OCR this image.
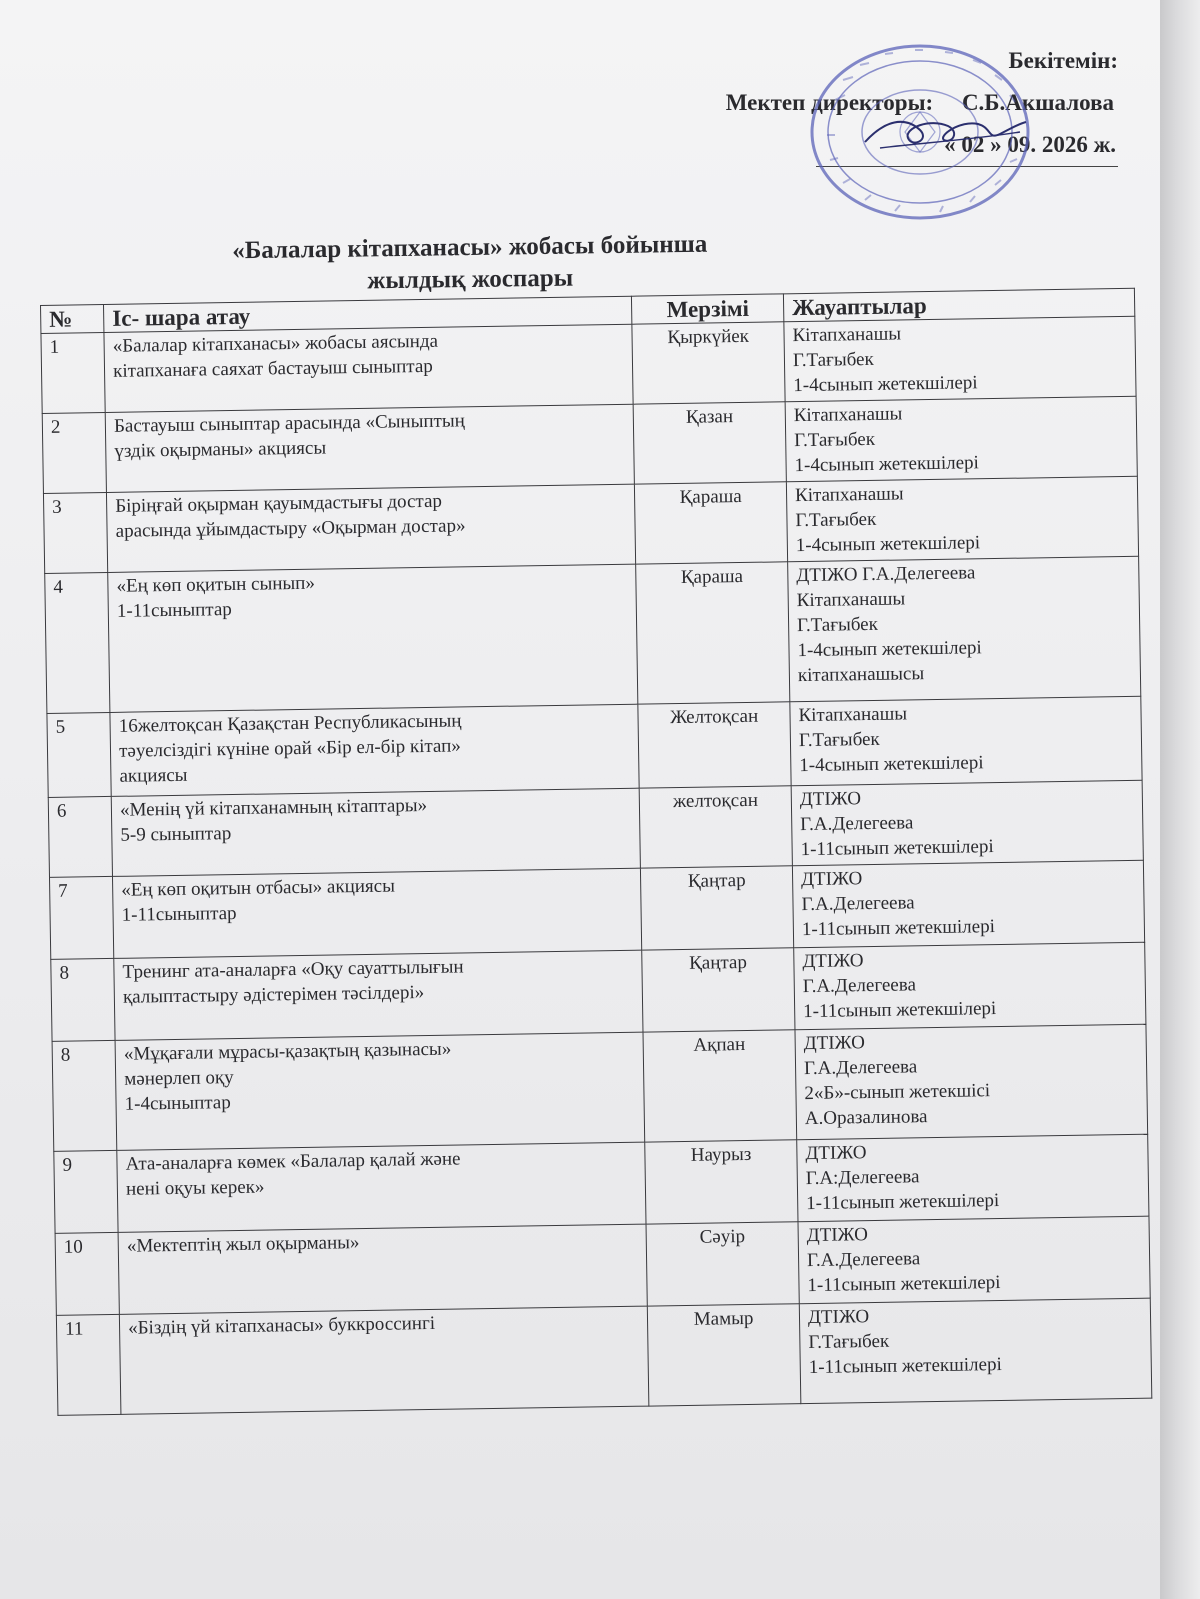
Бекітемін:
Мектеп директоры: С.Б.Акшалова
« 02 » 09. 2026 ж.
«Балалар кітапханасы» жобасы бойынша
жылдық жоспары
№	Іс- шара атау	Мерзімі	Жауаптылар
1	«Балалар кітапханасы» жобасы аясында
кітапханаға саяхат бастауыш сыныптар	Қыркүйек	Кітапханашы
Г.Тағыбек
1-4сынып жетекшілері
2	Бастауыш сыныптар арасында «Сыныптың
үздік оқырманы» акциясы	Қазан	Кітапханашы
Г.Тағыбек
1-4сынып жетекшілері
3	Біріңғай оқырман қауымдастығы достар
арасында ұйымдастыру «Оқырман достар»	Қараша	Кітапханашы
Г.Тағыбек
1-4сынып жетекшілері
4	«Ең көп оқитын сынып»
1-11сыныптар	Қараша	ДТІЖО Г.А.Делегеева
Кітапханашы
Г.Тағыбек
1-4сынып жетекшілері
кітапханашысы
5	16желтоқсан Қазақстан Республикасының
тәуелсіздігі күніне орай «Бір ел-бір кітап»
акциясы	Желтоқсан	Кітапханашы
Г.Тағыбек
1-4сынып жетекшілері
6	«Менің үй кітапханамның кітаптары»
5-9 сыныптар	желтоқсан	ДТІЖО
Г.А.Делегеева
1-11сынып жетекшілері
7	«Ең көп оқитын отбасы» акциясы
1-11сыныптар	Қаңтар	ДТІЖО
Г.А.Делегеева
1-11сынып жетекшілері
8	Тренинг ата-аналарға «Оқу сауаттылығын
қалыптастыру әдістерімен тәсілдері»	Қаңтар	ДТІЖО
Г.А.Делегеева
1-11сынып жетекшілері
8	«Мұқағали мұрасы-қазақтың қазынасы»
мәнерлеп оқу
1-4сыныптар	Ақпан	ДТІЖО
Г.А.Делегеева
2«Б»-сынып жетекшісі
А.Оразалинова
9	Ата-аналарға көмек «Балалар қалай және
нені оқуы керек»	Наурыз	ДТІЖО
Г.А:Делегеева
1-11сынып жетекшілері
10	«Мектептің жыл оқырманы»	Сәуір	ДТІЖО
Г.А.Делегеева
1-11сынып жетекшілері
11	«Біздің үй кітапханасы» буккроссингі	Мамыр	ДТІЖО
Г.Тағыбек
1-11сынып жетекшілері
